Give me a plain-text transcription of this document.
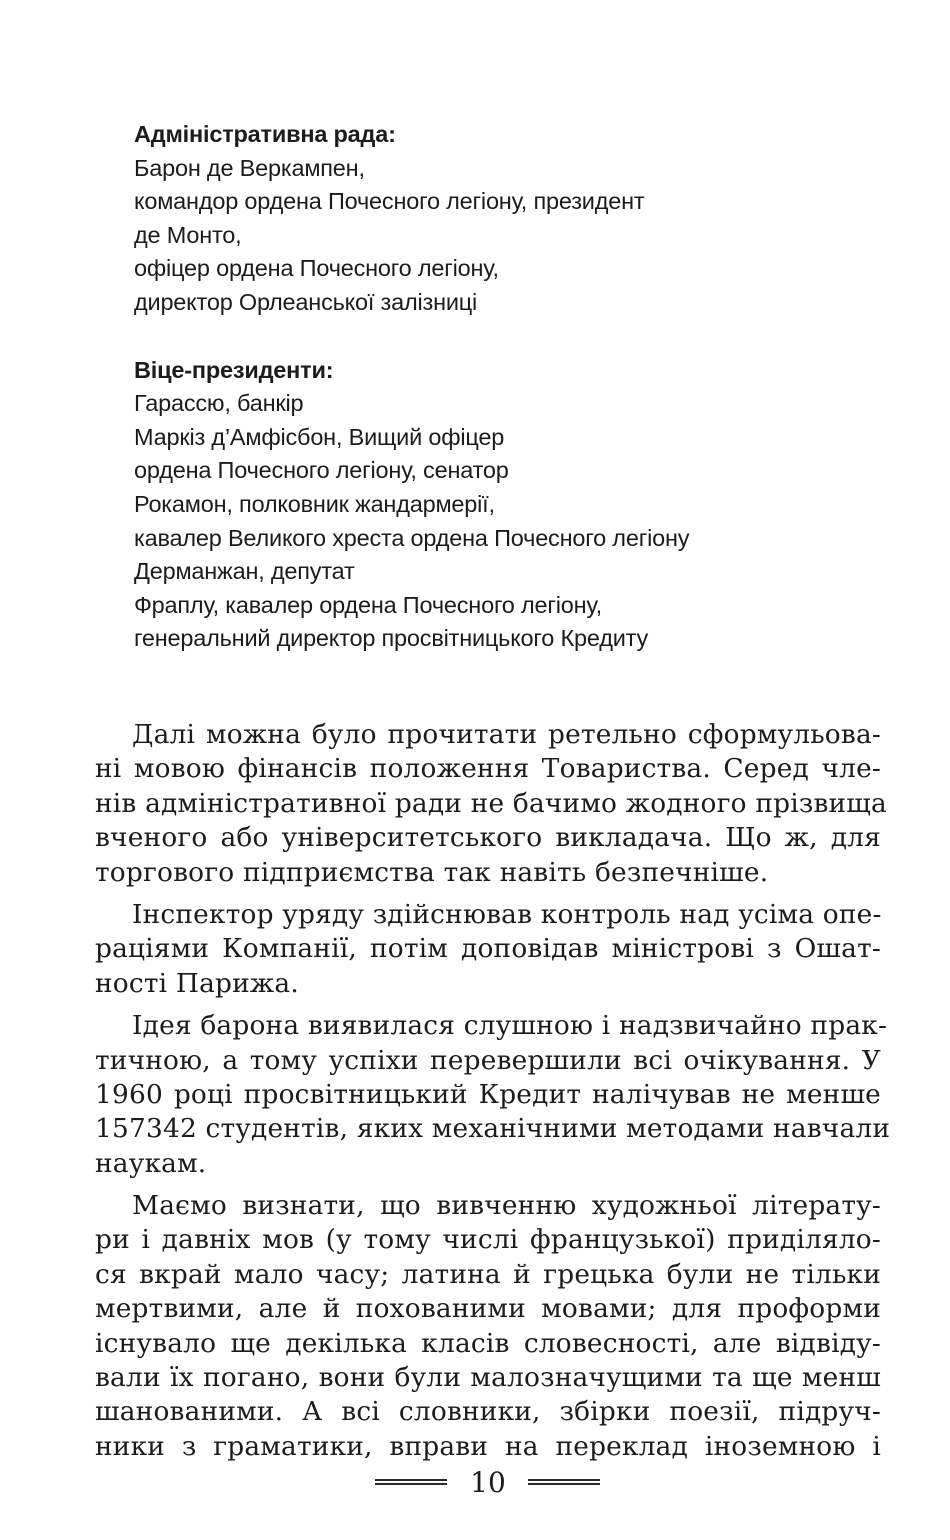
Адміністративна рада:
Барон де Веркампен,
командор ордена Почесного легіону, президент
де Монто,
офіцер ордена Почесного легіону,
директор Орлеанської залізниці
Віце-президенти:
Гарассю, банкір
Маркіз д’Амфісбон, Вищий офіцер
ордена Почесного легіону, сенатор
Рокамон, полковник жандармерії,
кавалер Великого хреста ордена Почесного легіону
Дерманжан, депутат
Фраплу, кавалер ордена Почесного легіону,
генеральний директор просвітницького Кредиту

Далі можна було прочитати ретельно сформульова-
ні мовою фінансів положення Товариства. Серед чле-
нів адміністративної ради не бачимо жодного прізвища
вченого або університетського викладача. Що ж, для
торгового підприємства так навіть безпечніше.

Інспектор уряду здійснював контроль над усіма опе-
раціями Компанії, потім доповідав міністрові з Ошат-
ності Парижа.

Ідея барона виявилася слушною і надзвичайно прак-
тичною, а тому успіхи перевершили всі очікування. У
1960 році просвітницький Кредит налічував не менше
157342 студентів, яких механічними методами навчали
наукам.

Маємо визнати, що вивченню художньої літерату-
ри і давніх мов (у тому числі французької) приділяло-
ся вкрай мало часу; латина й грецька були не тільки
мертвими, але й похованими мовами; для проформи
існувало ще декілька класів словесності, але відвіду-
вали їх погано, вони були малозначущими та ще менш
шанованими. А всі словники, збірки поезії, підруч-
ники з граматики, вправи на переклад іноземною і

10
